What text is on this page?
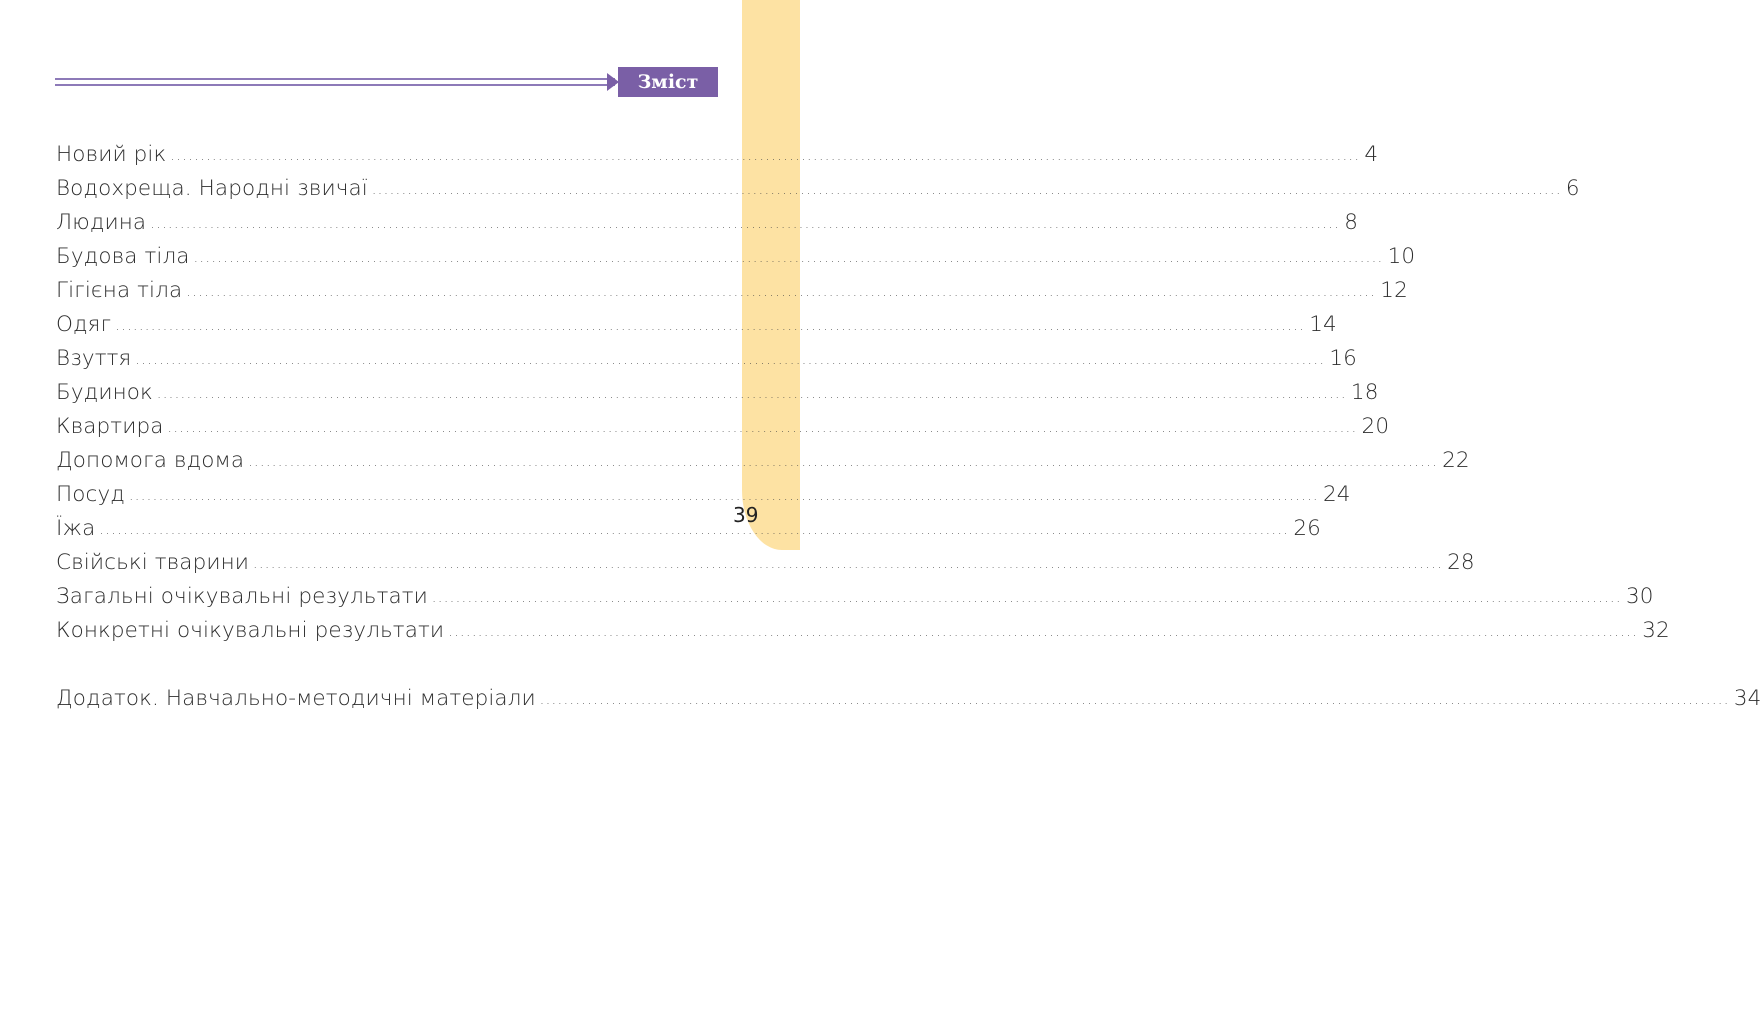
39
Зміст
Новий рік ........................................................................................................................................................................................................ 4
Водохреща. Народні звичаї ........................................................................................................................................................................................................ 6
Людина ........................................................................................................................................................................................................ 8
Будова тіла ........................................................................................................................................................................................................ 10
Гігієна тіла ........................................................................................................................................................................................................ 12
Одяг ........................................................................................................................................................................................................ 14
Взуття ........................................................................................................................................................................................................ 16
Будинок ........................................................................................................................................................................................................ 18
Квартира ........................................................................................................................................................................................................ 20
Допомога вдома ........................................................................................................................................................................................................ 22
Посуд ........................................................................................................................................................................................................ 24
Їжа ........................................................................................................................................................................................................ 26
Свійські тварини ........................................................................................................................................................................................................ 28
Загальні очікувальні результати ........................................................................................................................................................................................................ 30
Конкретні очікувальні результати ........................................................................................................................................................................................................ 32
Додаток. Навчально-методичні матеріали ........................................................................................................................................................................................................ 34
